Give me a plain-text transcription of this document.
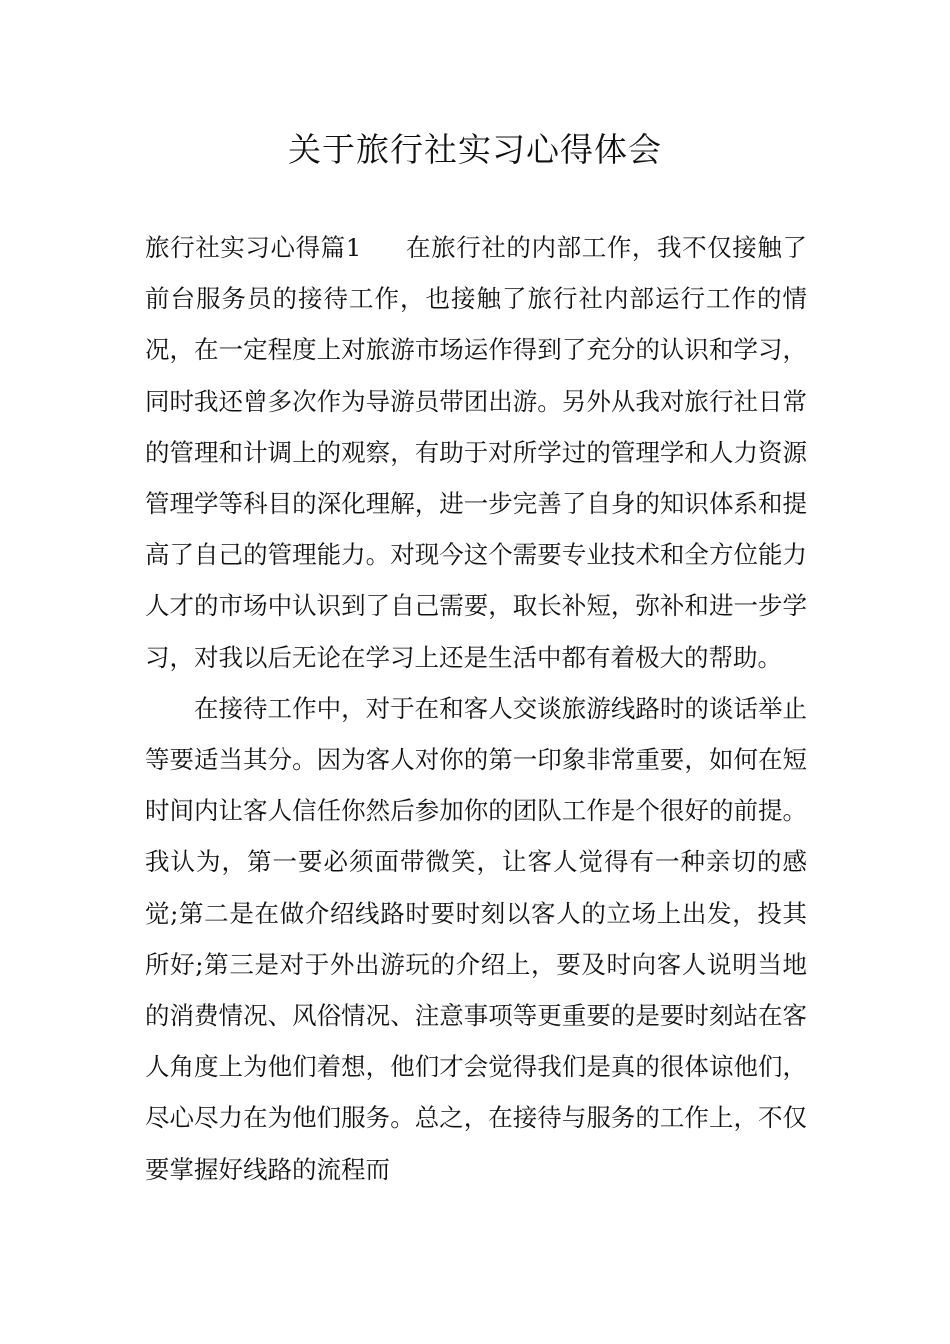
关于旅行社实习心得体会

旅行社实习心得篇1 在旅行社的内部工作，我不仅接触了前台服务员的接待工作，也接触了旅行社内部运行工作的情况，在一定程度上对旅游市场运作得到了充分的认识和学习，同时我还曾多次作为导游员带团出游。另外从我对旅行社日常的管理和计调上的观察，有助于对所学过的管理学和人力资源管理学等科目的深化理解，进一步完善了自身的知识体系和提高了自己的管理能力。对现今这个需要专业技术和全方位能力人才的市场中认识到了自己需要，取长补短，弥补和进一步学习，对我以后无论在学习上还是生活中都有着极大的帮助。

在接待工作中，对于在和客人交谈旅游线路时的谈话举止等要适当其分。因为客人对你的第一印象非常重要，如何在短时间内让客人信任你然后参加你的团队工作是个很好的前提。我认为，第一要必须面带微笑，让客人觉得有一种亲切的感觉;第二是在做介绍线路时要时刻以客人的立场上出发，投其所好;第三是对于外出游玩的介绍上，要及时向客人说明当地的消费情况、风俗情况、注意事项等更重要的是要时刻站在客人角度上为他们着想，他们才会觉得我们是真的很体谅他们，尽心尽力在为他们服务。总之，在接待与服务的工作上，不仅要掌握好线路的流程而
